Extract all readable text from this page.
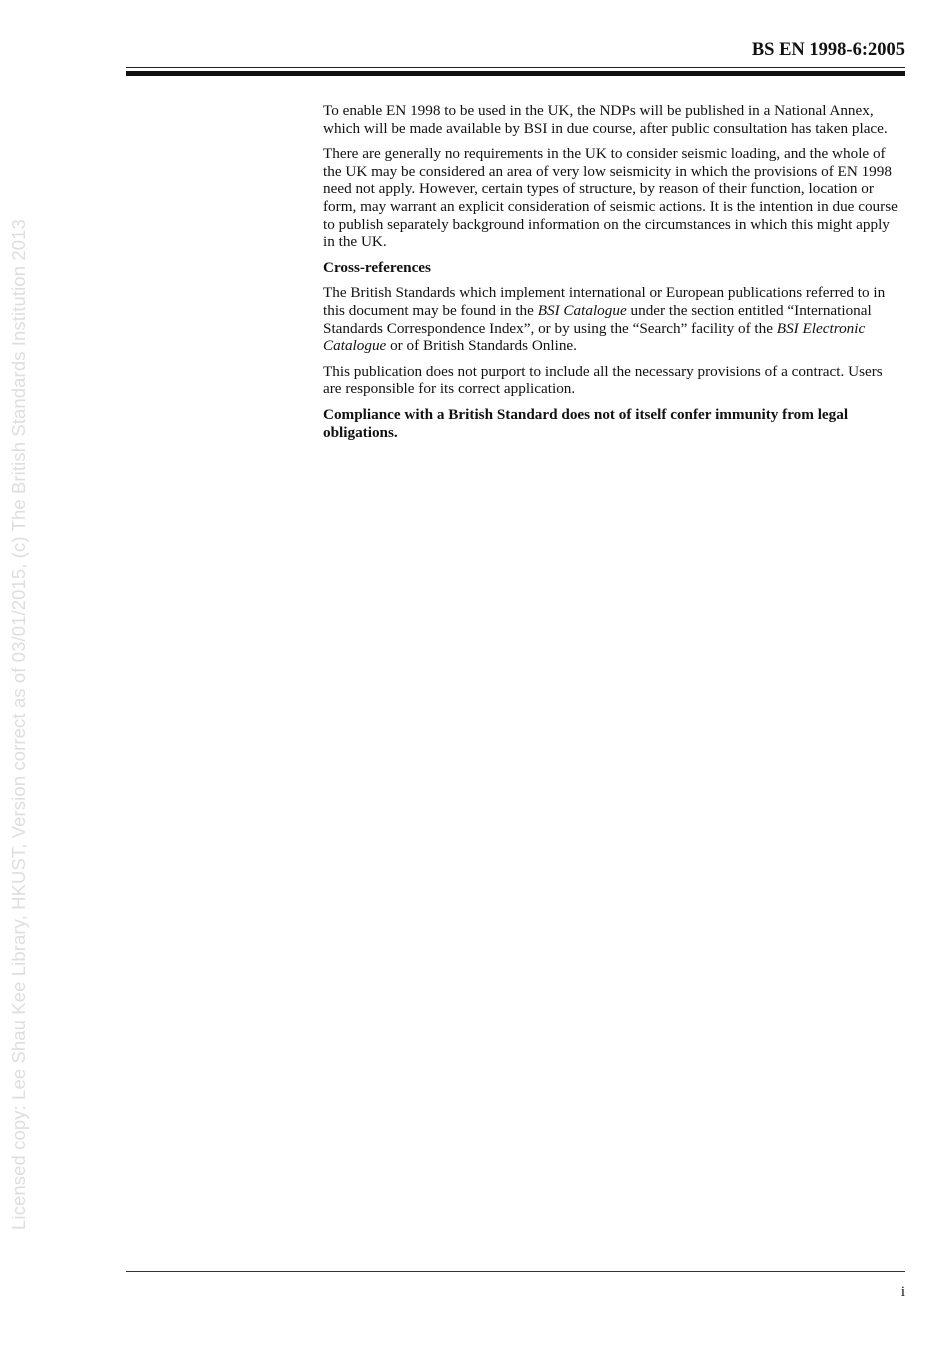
BS EN 1998-6:2005
Licensed copy: Lee Shau Kee Library, HKUST, Version correct as of 03/01/2015, (c) The British Standards Institution 2013

To enable EN 1998 to be used in the UK, the NDPs will be published in a National Annex, which will be made available by BSI in due course, after public consultation has taken place.

There are generally no requirements in the UK to consider seismic loading, and the whole of the UK may be considered an area of very low seismicity in which the provisions of EN 1998 need not apply. However, certain types of structure, by reason of their function, location or form, may warrant an explicit consideration of seismic actions. It is the intention in due course to publish separately background information on the circumstances in which this might apply in the UK.

Cross-references

The British Standards which implement international or European publications referred to in this document may be found in the BSI Catalogue under the section entitled “International Standards Correspondence Index”, or by using the “Search” facility of the BSI Electronic Catalogue or of British Standards Online.

This publication does not purport to include all the necessary provisions of a contract. Users are responsible for its correct application.

Compliance with a British Standard does not of itself confer immunity from legal obligations.

i
